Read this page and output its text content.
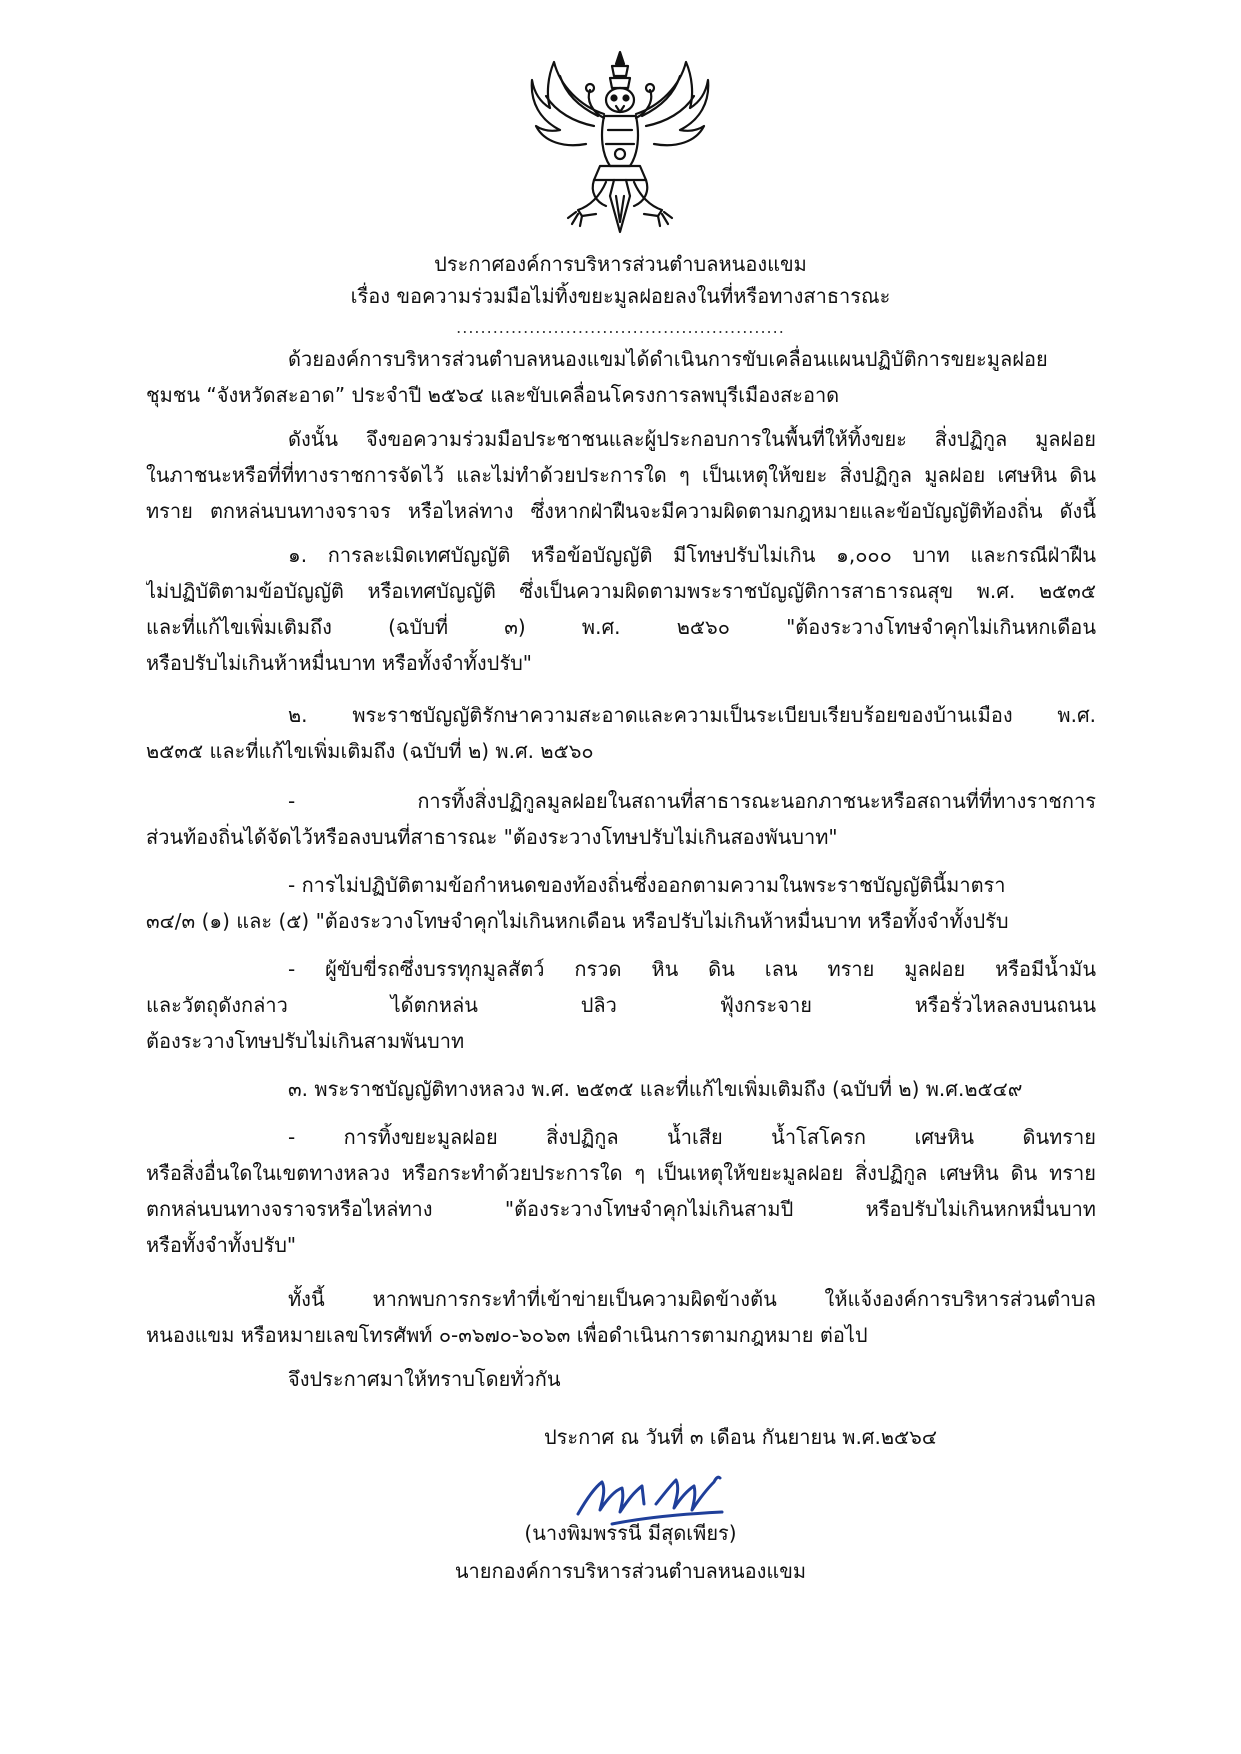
ประกาศองค์การบริหารส่วนตำบลหนองแขม
เรื่อง ขอความร่วมมือไม่ทิ้งขยะมูลฝอยลงในที่หรือทางสาธารณะ
......................................................
ด้วยองค์การบริหารส่วนตำบลหนองแขมได้ดำเนินการขับเคลื่อนแผนปฏิบัติการขยะมูลฝอย
ชุมชน “จังหวัดสะอาด” ประจำปี ๒๕๖๔ และขับเคลื่อนโครงการลพบุรีเมืองสะอาด
ดังนั้น จึงขอความร่วมมือประชาชนและผู้ประกอบการในพื้นที่ให้ทิ้งขยะ สิ่งปฏิกูล มูลฝอย
ในภาชนะหรือที่ที่ทางราชการจัดไว้ และไม่ทำด้วยประการใด ๆ เป็นเหตุให้ขยะ สิ่งปฏิกูล มูลฝอย เศษหิน ดิน
ทราย ตกหล่นบนทางจราจร หรือไหล่ทาง ซึ่งหากฝ่าฝืนจะมีความผิดตามกฎหมายและข้อบัญญัติท้องถิ่น ดังนี้
๑. การละเมิดเทศบัญญัติ หรือข้อบัญญัติ มีโทษปรับไม่เกิน ๑,๐๐๐ บาท และกรณีฝ่าฝืน
ไม่ปฏิบัติตามข้อบัญญัติ หรือเทศบัญญัติ ซึ่งเป็นความผิดตามพระราชบัญญัติการสาธารณสุข พ.ศ. ๒๕๓๕
และที่แก้ไขเพิ่มเติมถึง (ฉบับที่ ๓) พ.ศ. ๒๕๖๐ "ต้องระวางโทษจำคุกไม่เกินหกเดือน
หรือปรับไม่เกินห้าหมื่นบาท หรือทั้งจำทั้งปรับ"
๒. พระราชบัญญัติรักษาความสะอาดและความเป็นระเบียบเรียบร้อยของบ้านเมือง พ.ศ.
๒๕๓๕ และที่แก้ไขเพิ่มเติมถึง (ฉบับที่ ๒) พ.ศ. ๒๕๖๐
- การทิ้งสิ่งปฏิกูลมูลฝอยในสถานที่สาธารณะนอกภาชนะหรือสถานที่ที่ทางราชการ
ส่วนท้องถิ่นได้จัดไว้หรือลงบนที่สาธารณะ "ต้องระวางโทษปรับไม่เกินสองพันบาท"
- การไม่ปฏิบัติตามข้อกำหนดของท้องถิ่นซึ่งออกตามความในพระราชบัญญัตินี้มาตรา
๓๔/๓ (๑) และ (๕) "ต้องระวางโทษจำคุกไม่เกินหกเดือน หรือปรับไม่เกินห้าหมื่นบาท หรือทั้งจำทั้งปรับ
- ผู้ขับขี่รถซึ่งบรรทุกมูลสัตว์ กรวด หิน ดิน เลน ทราย มูลฝอย หรือมีน้ำมัน
และวัตถุดังกล่าว ได้ตกหล่น ปลิว ฟุ้งกระจาย หรือรั่วไหลลงบนถนน
ต้องระวางโทษปรับไม่เกินสามพันบาท
๓. พระราชบัญญัติทางหลวง พ.ศ. ๒๕๓๕ และที่แก้ไขเพิ่มเติมถึง (ฉบับที่ ๒) พ.ศ.๒๕๔๙
- การทิ้งขยะมูลฝอย สิ่งปฏิกูล น้ำเสีย น้ำโสโครก เศษหิน ดินทราย
หรือสิ่งอื่นใดในเขตทางหลวง หรือกระทำด้วยประการใด ๆ เป็นเหตุให้ขยะมูลฝอย สิ่งปฏิกูล เศษหิน ดิน ทราย
ตกหล่นบนทางจราจรหรือไหล่ทาง "ต้องระวางโทษจำคุกไม่เกินสามปี หรือปรับไม่เกินหกหมื่นบาท
หรือทั้งจำทั้งปรับ"
ทั้งนี้ หากพบการกระทำที่เข้าข่ายเป็นความผิดข้างต้น ให้แจ้งองค์การบริหารส่วนตำบล
หนองแขม หรือหมายเลขโทรศัพท์ ๐-๓๖๗๐-๖๐๖๓ เพื่อดำเนินการตามกฎหมาย ต่อไป
จึงประกาศมาให้ทราบโดยทั่วกัน
ประกาศ ณ วันที่ ๓ เดือน กันยายน พ.ศ.๒๕๖๔
(นางพิมพรรนี มีสุดเพียร)
นายกองค์การบริหารส่วนตำบลหนองแขม
